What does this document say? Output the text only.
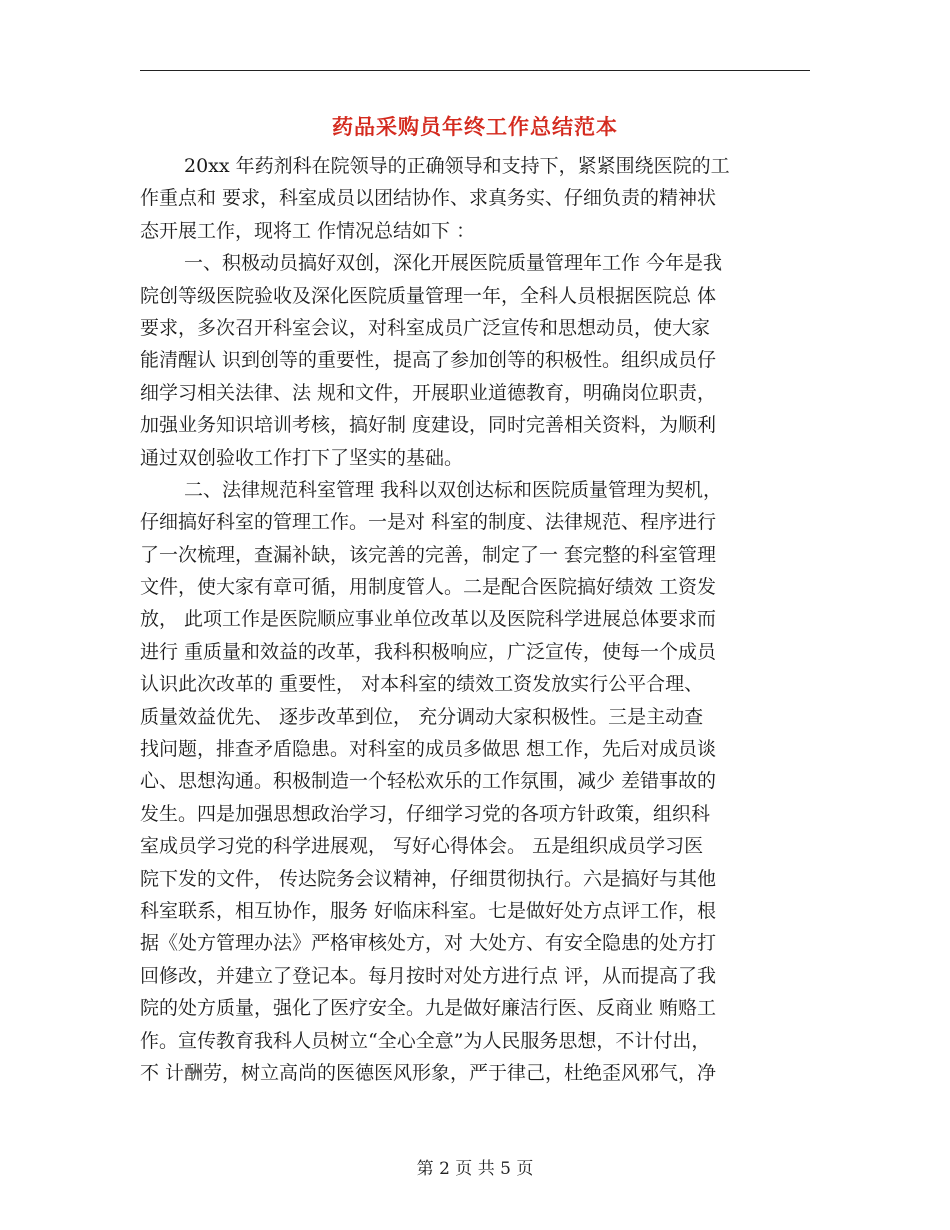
药品采购员年终工作总结范本
20xx 年药剂科在院领导的正确领导和支持下，紧紧围绕医院的工
作重点和 要求，科室成员以团结协作、求真务实、仔细负责的精神状
态开展工作，现将工 作情况总结如下 ：
一、积极动员搞好双创，深化开展医院质量管理年工作 今年是我
院创等级医院验收及深化医院质量管理一年，全科人员根据医院总 体
要求，多次召开科室会议，对科室成员广泛宣传和思想动员，使大家
能清醒认 识到创等的重要性，提高了参加创等的积极性。组织成员仔
细学习相关法律、法 规和文件，开展职业道德教育，明确岗位职责，
加强业务知识培训考核，搞好制 度建设，同时完善相关资料，为顺利
通过双创验收工作打下了坚实的基础。
二、法律规范科室管理 我科以双创达标和医院质量管理为契机，
仔细搞好科室的管理工作。一是对 科室的制度、法律规范、程序进行
了一次梳理，查漏补缺，该完善的完善，制定了一 套完整的科室管理
文件，使大家有章可循，用制度管人。二是配合医院搞好绩效 工资发
放， 此项工作是医院顺应事业单位改革以及医院科学进展总体要求而
进行 重质量和效益的改革，我科积极响应，广泛宣传，使每一个成员
认识此次改革的 重要性， 对本科室的绩效工资发放实行公平合理、
质量效益优先、 逐步改革到位， 充分调动大家积极性。三是主动查
找问题，排查矛盾隐患。对科室的成员多做思 想工作，先后对成员谈
心、思想沟通。积极制造一个轻松欢乐的工作氛围，减少 差错事故的
发生。四是加强思想政治学习，仔细学习党的各项方针政策，组织科
室成员学习党的科学进展观， 写好心得体会。 五是组织成员学习医
院下发的文件， 传达院务会议精神，仔细贯彻执行。六是搞好与其他
科室联系，相互协作，服务 好临床科室。七是做好处方点评工作，根
据《处方管理办法》严格审核处方，对 大处方、有安全隐患的处方打
回修改，并建立了登记本。每月按时对处方进行点 评，从而提高了我
院的处方质量，强化了医疗安全。九是做好廉洁行医、反商业 贿赂工
作。宣传教育我科人员树立“全心全意”为人民服务思想，不计付出，
不 计酬劳，树立高尚的医德医风形象，严于律己，杜绝歪风邪气，净
第 2 页 共 5 页
